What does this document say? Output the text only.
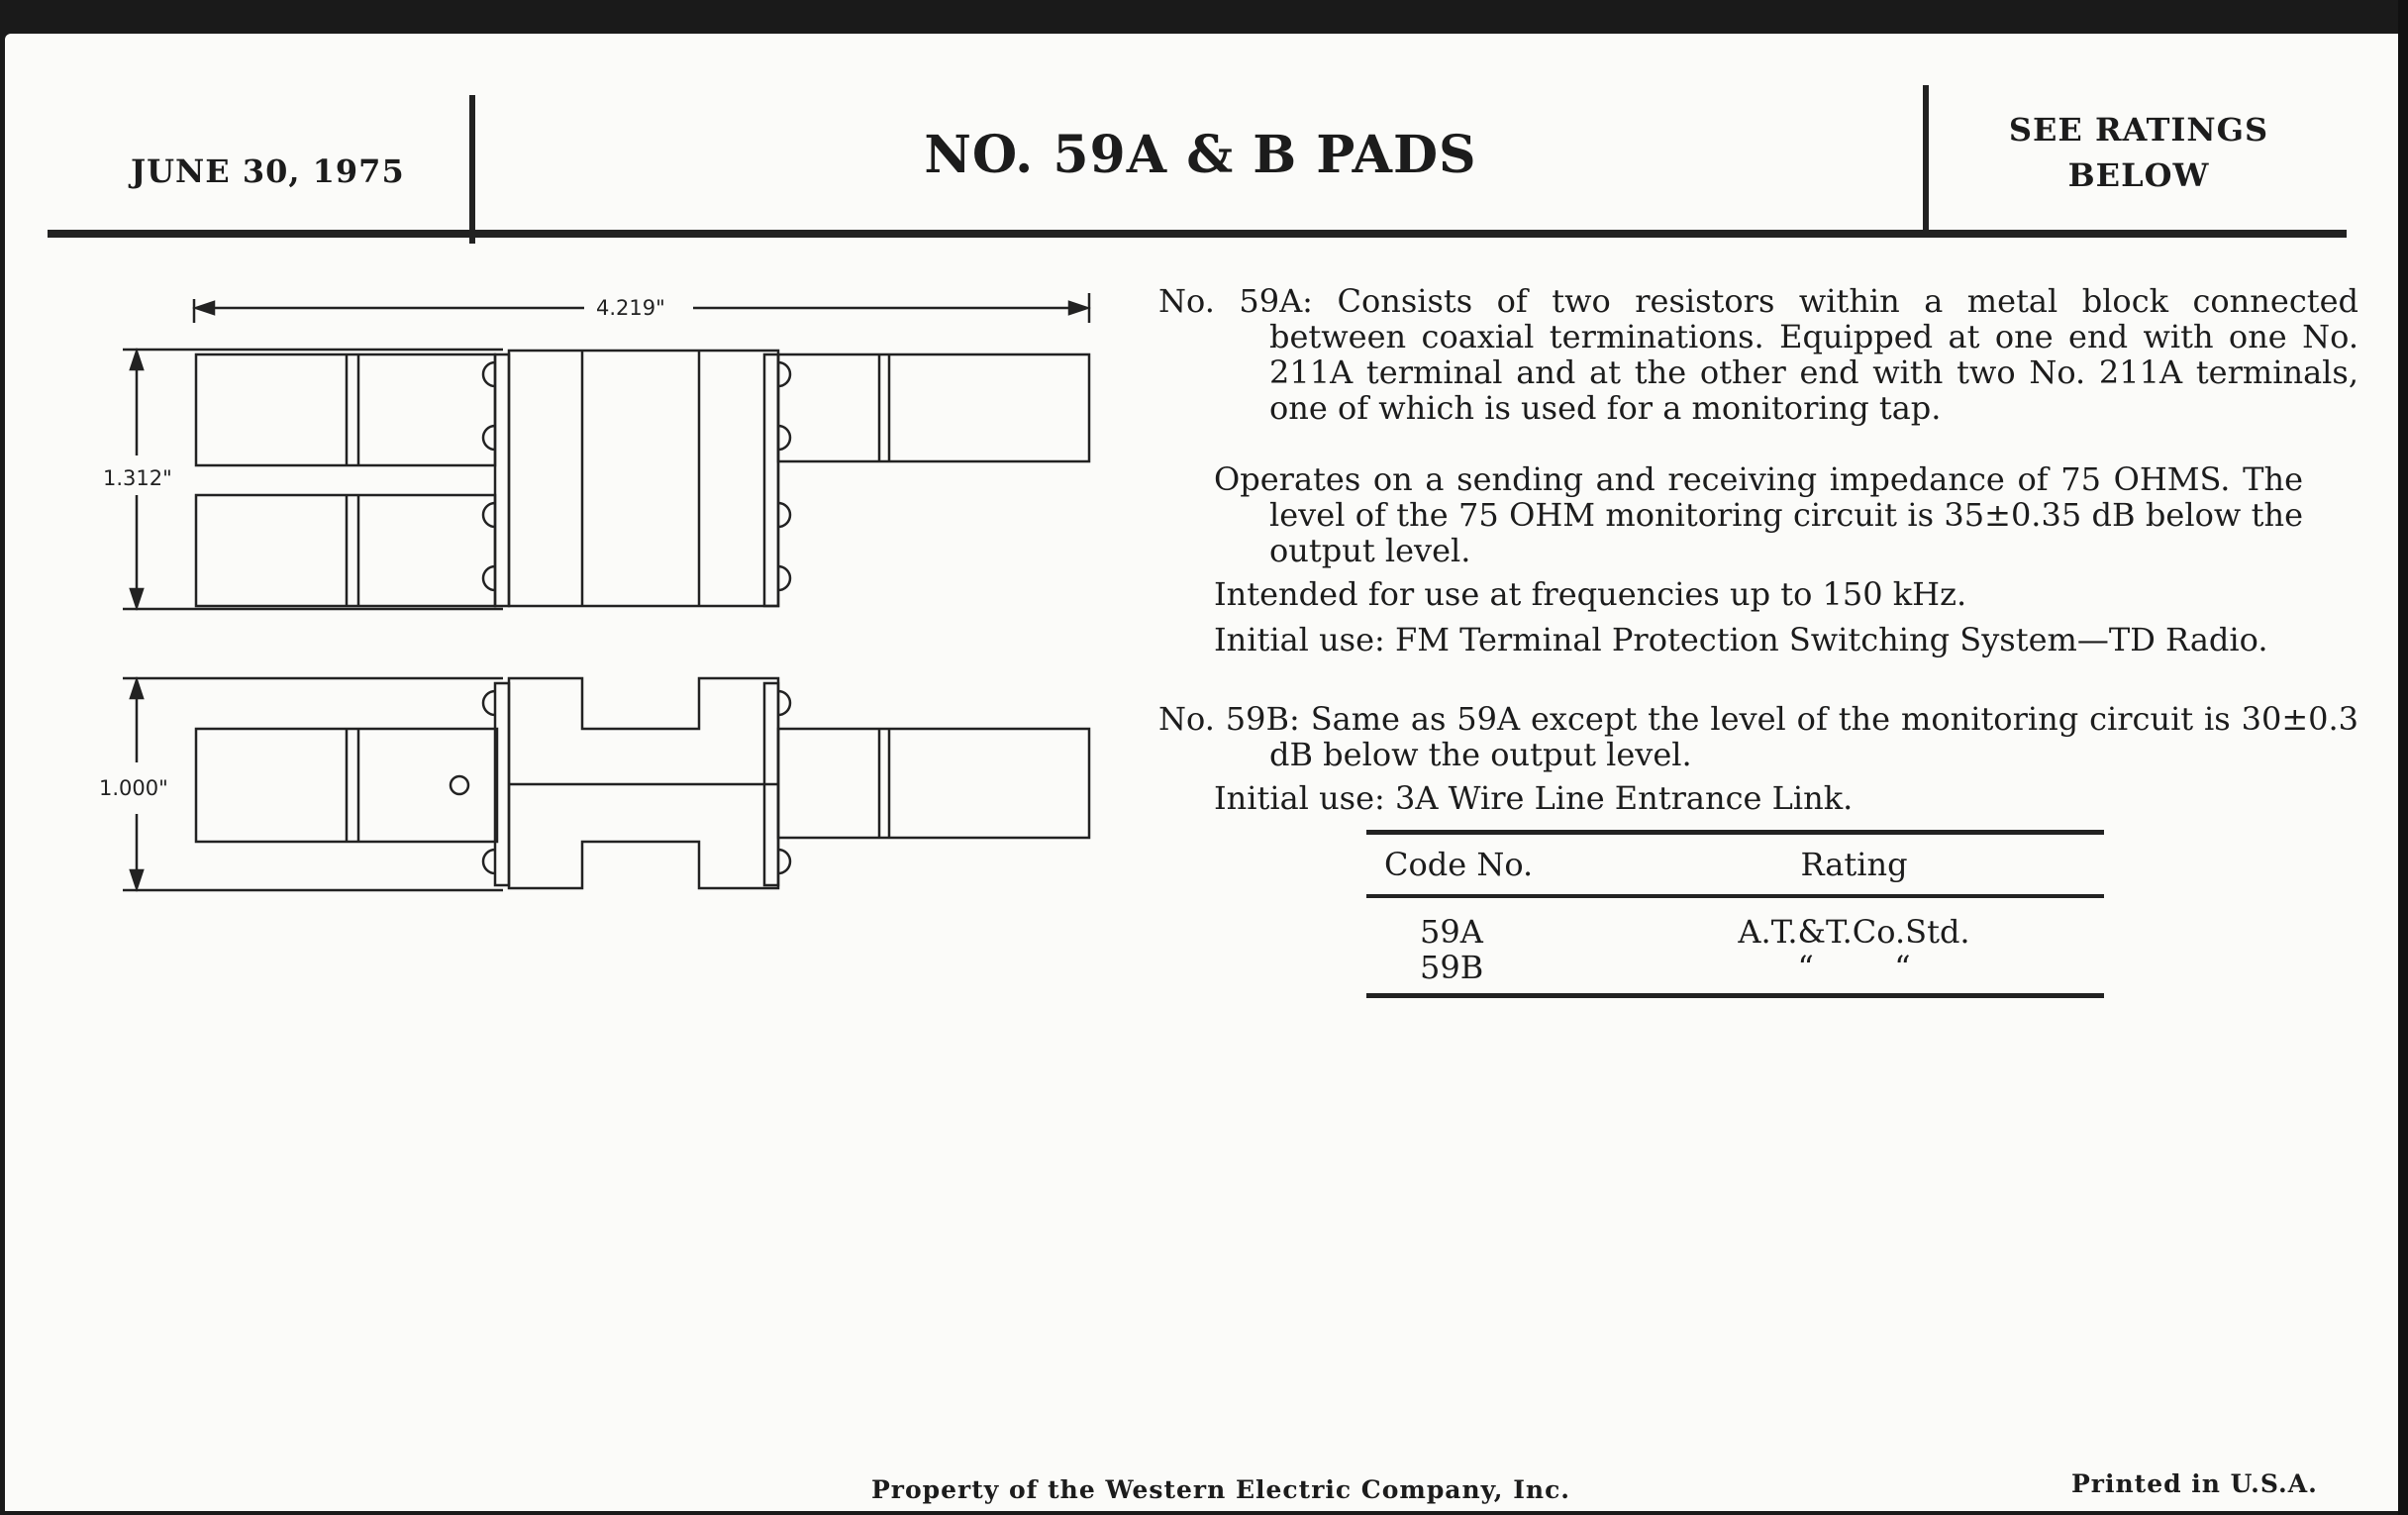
JUNE 30, 1975	NO. 59A & B PADS	SEE RATINGS
BELOW
4.219"
1.312"
1.000"
No. 59A: Consists of two resistors within a metal block connected between coaxial terminations. Equipped at one end with one No. 211A terminal and at the other end with two No. 211A terminals, one of which is used for a monitoring tap.
Operates on a sending and receiving impedance of 75 OHMS. The level of the 75 OHM monitoring circuit is 35±0.35 dB below the output level.
Intended for use at frequencies up to 150 kHz.
Initial use: FM Terminal Protection Switching System—TD Radio.
No. 59B: Same as 59A except the level of the monitoring circuit is 30±0.3 dB below the output level.
Initial use: 3A Wire Line Entrance Link.
Code No.	Rating
59A	A.T.&T.Co.Std.
59B	“        “
Property of the Western Electric Company, Inc.	Printed in U.S.A.
